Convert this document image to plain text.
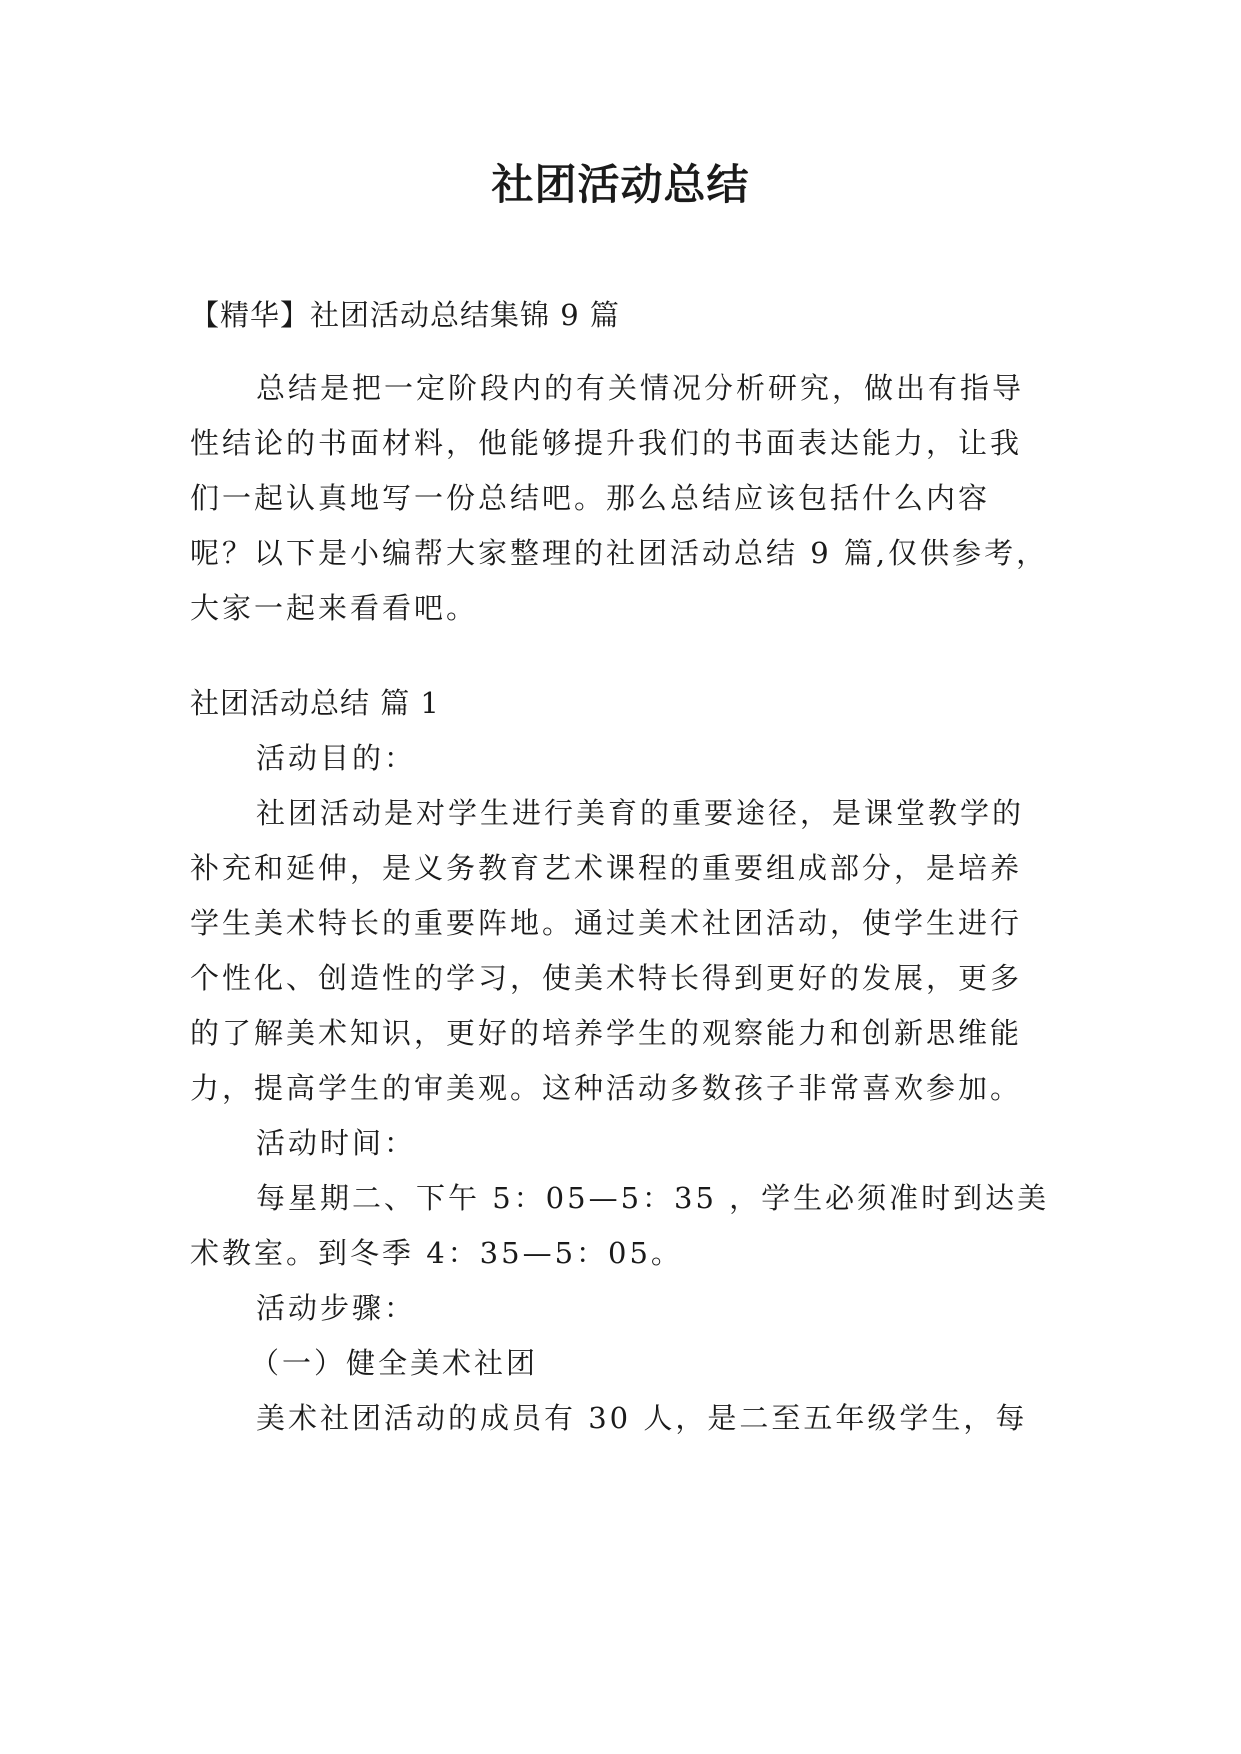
社团活动总结
【精华】社团活动总结集锦 9 篇
总结是把一定阶段内的有关情况分析研究，做出有指导
性结论的书面材料，他能够提升我们的书面表达能力，让我
们一起认真地写一份总结吧。那么总结应该包括什么内容
呢？以下是小编帮大家整理的社团活动总结 9 篇,仅供参考，
大家一起来看看吧。
社团活动总结 篇 1
活动目的：
社团活动是对学生进行美育的重要途径，是课堂教学的
补充和延伸，是义务教育艺术课程的重要组成部分，是培养
学生美术特长的重要阵地。通过美术社团活动，使学生进行
个性化、创造性的学习，使美术特长得到更好的发展，更多
的了解美术知识，更好的培养学生的观察能力和创新思维能
力，提高学生的审美观。这种活动多数孩子非常喜欢参加。
活动时间：
每星期二、下午 5：05—5：35 ，学生必须准时到达美
术教室。到冬季 4：35—5：05。
活动步骤：
（一）健全美术社团
美术社团活动的成员有 30 人，是二至五年级学生，每
